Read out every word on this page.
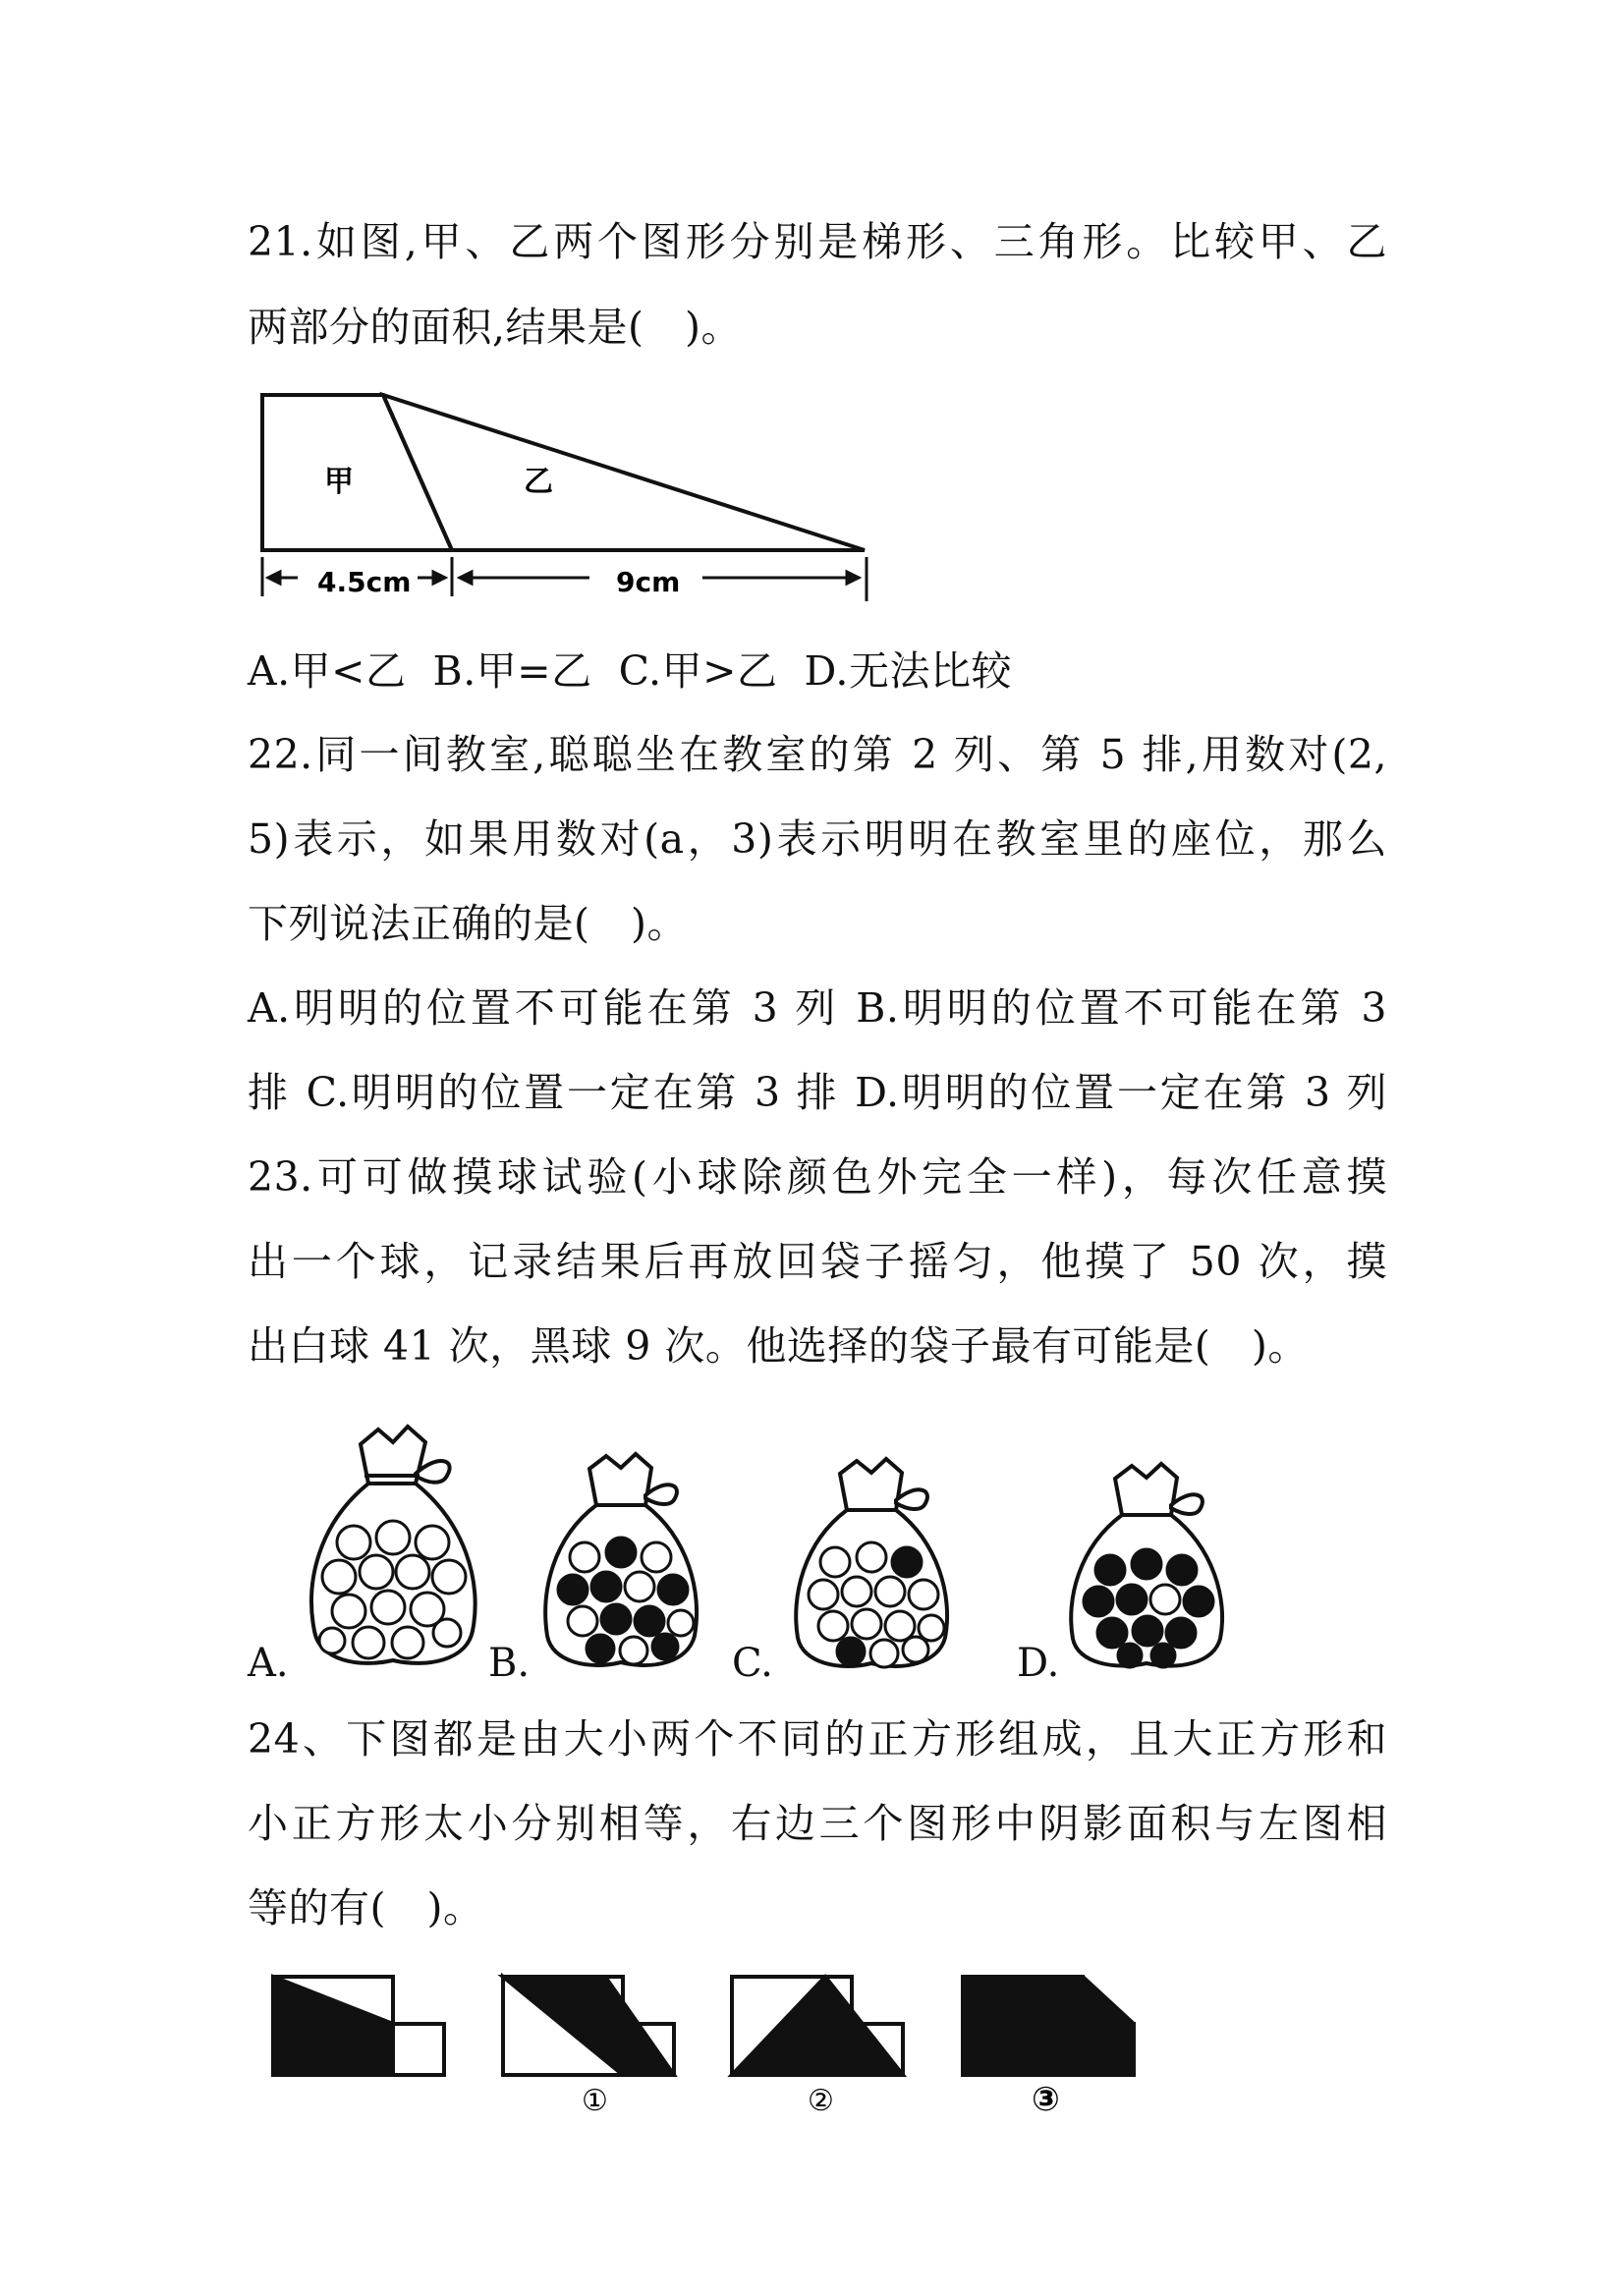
21.如图,甲、乙两个图形分别是梯形、三角形。比较甲、乙
两部分的面积,结果是(　)。
甲	乙
4.5cm	9cm
A.甲<乙  B.甲=乙  C.甲>乙  D.无法比较
22.同一间教室,聪聪坐在教室的第 2 列、第 5 排,用数对(2,
5)表示，如果用数对(a，3)表示明明在教室里的座位，那么
下列说法正确的是(　)。
A.明明的位置不可能在第 3 列 B.明明的位置不可能在第 3
排 C.明明的位置一定在第 3 排 D.明明的位置一定在第 3 列
23.可可做摸球试验(小球除颜色外完全一样)，每次任意摸
出一个球，记录结果后再放回袋子摇匀，他摸了 50 次，摸
出白球 41 次，黑球 9 次。他选择的袋子最有可能是(　)。
A.	B.	C.	D.
24、下图都是由大小两个不同的正方形组成，且大正方形和
小正方形太小分别相等，右边三个图形中阴影面积与左图相
等的有(　)。
①	②	③
